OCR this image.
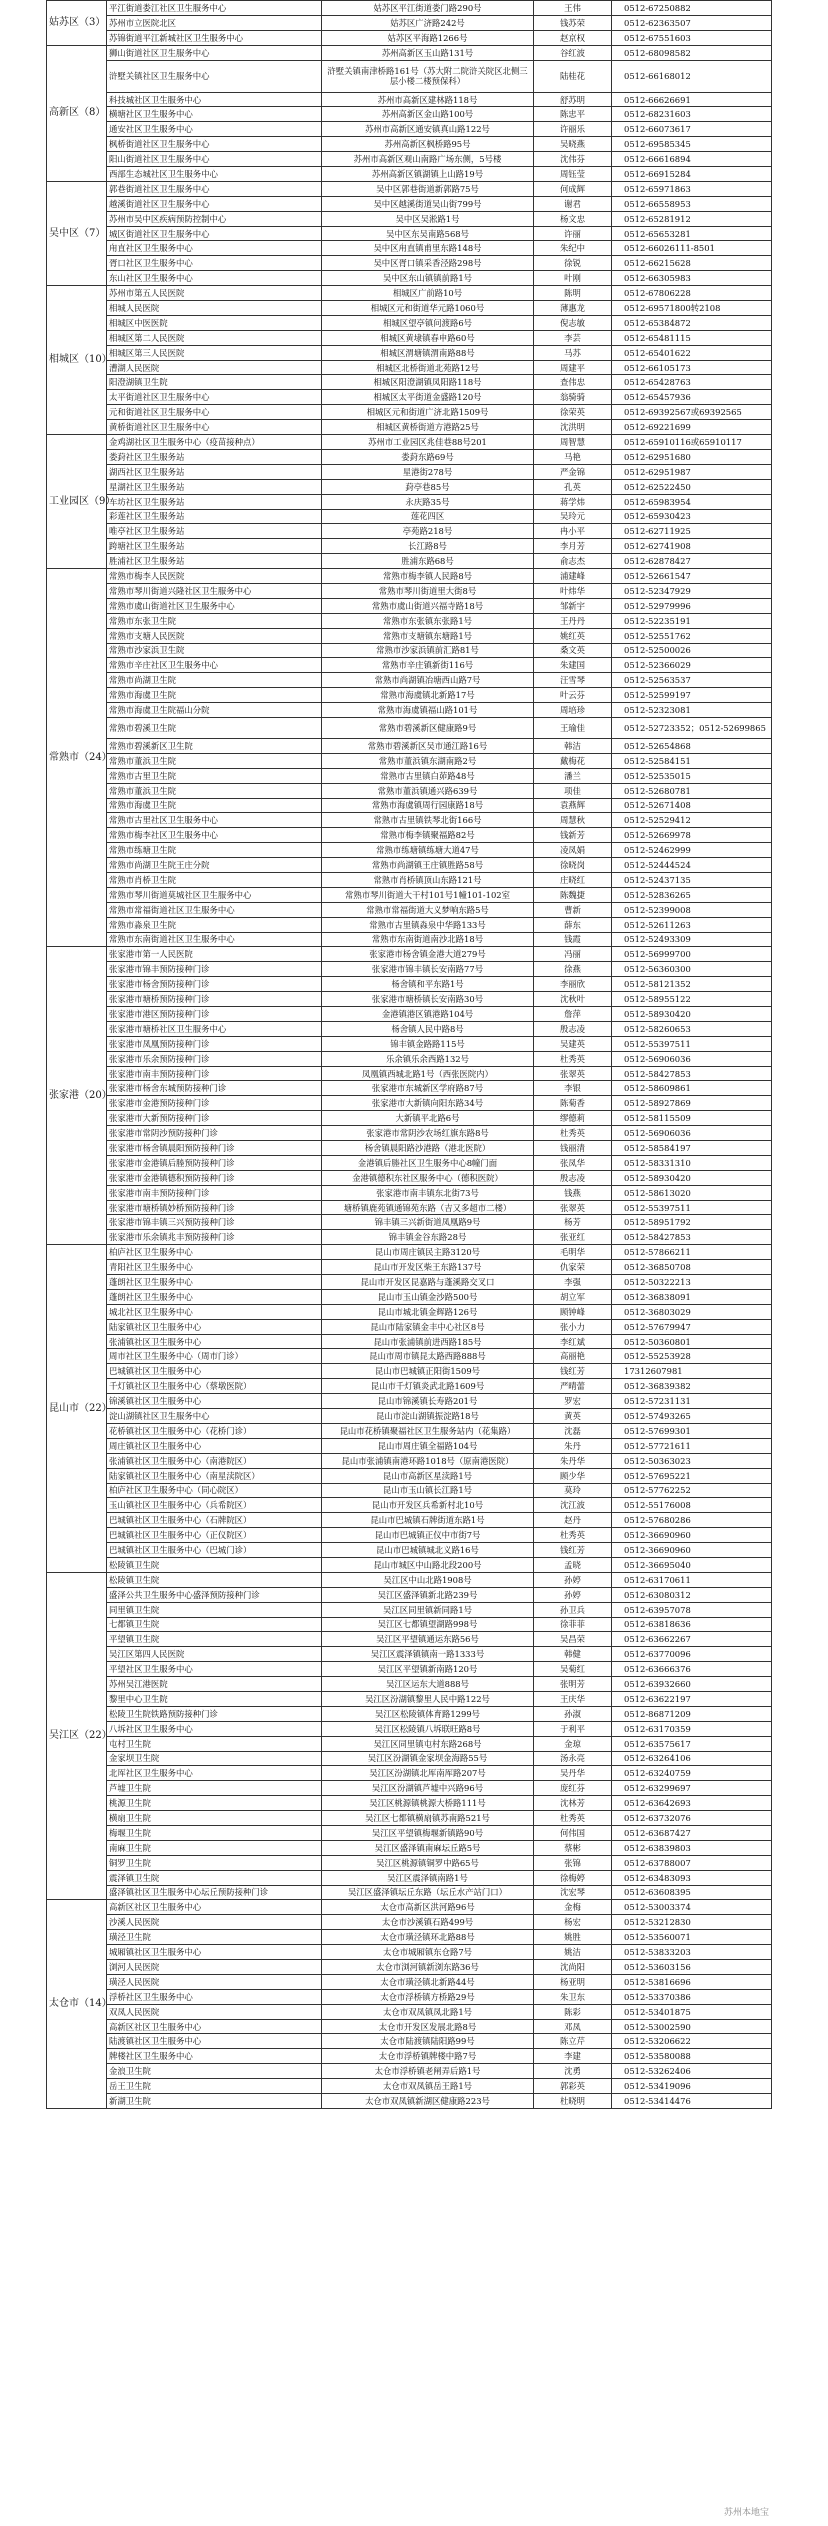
姑苏区（3）	平江街道娄江社区卫生服务中心	姑苏区平江街道娄门路290号	王伟	0512-67250882
	苏州市立医院北区	姑苏区广济路242号	钱苏荣	0512-62363507
	苏锦街道平江新城社区卫生服务中心	姑苏区平海路1266号	赵京权	0512-67551603
高新区（8）	狮山街道社区卫生服务中心	苏州高新区玉山路131号	谷红波	0512-68098582
	浒墅关镇社区卫生服务中心	浒墅关镇南津桥路161号（苏大附二院浒关院区北侧三层小楼二楼预保科）	陆桂花	0512-66168012
	科技城社区卫生服务中心	苏州市高新区建林路118号	舒苏明	0512-66626691
	横塘社区卫生服务中心	苏州高新区金山路100号	陈忠平	0512-68231603
	通安社区卫生服务中心	苏州市高新区通安镇真山路122号	许丽乐	0512-66073617
	枫桥街道社区卫生服务中心	苏州高新区枫桥路95号	吴晓燕	0512-69585345
	阳山街道社区卫生服务中心	苏州市高新区观山南路广场东侧，5号楼	沈伟芬	0512-66616894
	西部生态城社区卫生服务中心	苏州高新区镇湖镇上山路19号	周钰莹	0512-66915284
吴中区（7）	郭巷街道社区卫生服务中心	吴中区郭巷街道新郭路75号	何成辉	0512-65971863
	越溪街道社区卫生服务中心	吴中区越溪街道吴山街799号	谢君	0512-66558953
	苏州市吴中区疾病预防控制中心	吴中区吴淞路1号	杨文忠	0512-65281912
	城区街道社区卫生服务中心	吴中区东吴南路568号	许丽	0512-65653281
	甪直社区卫生服务中心	吴中区甪直镇甫里东路148号	朱纪中	0512-66026111-8501
	胥口社区卫生服务中心	吴中区胥口镇采香泾路298号	徐锐	0512-66215628
	东山社区卫生服务中心	吴中区东山镇镇前路1号	叶刚	0512-66305983
相城区（10）	苏州市第五人民医院	相城区广前路10号	陈明	0512-67806228
	相城人民医院	相城区元和街道华元路1060号	薄惠龙	0512-69571800转2108
	相城区中医医院	相城区望亭镇问渡路6号	倪志敏	0512-65384872
	相城区第二人民医院	相城区黄埭镇春申路60号	李芸	0512-65481115
	相城区第三人民医院	相城区渭塘镇渭南路88号	马苏	0512-65401622
	漕湖人民医院	相城区北桥街道北苑路12号	周建平	0512-66105173
	阳澄湖镇卫生院	相城区阳澄湖镇凤阳路118号	查伟忠	0512-65428763
	太平街道社区卫生服务中心	相城区太平街道金盛路120号	翁骑骑	0512-65457936
	元和街道社区卫生服务中心	相城区元和街道广济北路1509号	徐荣英	0512-69392567或69392565
	黄桥街道社区卫生服务中心	相城区黄桥街道方港路25号	沈洪明	0512-69221699
工业园区（9）	金鸡湖社区卫生服务中心（疫苗接种点）	苏州市工业园区兆佳巷88号201	周智慧	0512-65910116或65910117
	娄葑社区卫生服务站	娄葑东路69号	马艳	0512-62951680
	湖西社区卫生服务站	星港街278号	严金锦	0512-62951987
	星湖社区卫生服务站	葑亭巷85号	孔英	0512-62522450
	车坊社区卫生服务站	永庆路35号	蒋学炜	0512-65983954
	彩莲社区卫生服务站	莲花四区	吴玲元	0512-65930423
	唯亭社区卫生服务站	亭苑路218号	冉小平	0512-62711925
	跨塘社区卫生服务站	长江路8号	李月芳	0512-62741908
	胜浦社区卫生服务站	胜浦东路68号	俞志杰	0512-62878427
常熟市（24）	常熟市梅李人民医院	常熟市梅李镇人民路8号	浦建峰	0512-52661547
	常熟市琴川街道兴隆社区卫生服务中心	常熟市琴川街道里大街8号	叶炜华	0512-52347929
	常熟市虞山街道社区卫生服务中心	常熟市虞山街道兴福寺路18号	邹新宇	0512-52979996
	常熟市东张卫生院	常熟市东张镇东张路1号	王丹丹	0512-52235191
	常熟市支塘人民医院	常熟市支塘镇东塘路1号	姚红英	0512-52551762
	常熟市沙家浜卫生院	常熟市沙家浜镇前汇路81号	桑文英	0512-52500026
	常熟市辛庄社区卫生服务中心	常熟市辛庄镇新街116号	朱建国	0512-52366029
	常熟市尚湖卫生院	常熟市尚湖镇冶塘西山路7号	汪雪琴	0512-52563537
	常熟市海虞卫生院	常熟市海虞镇北新路17号	叶云芬	0512-52599197
	常熟市海虞卫生院福山分院	常熟市海虞镇福山路101号	周培珍	0512-52323081
	常熟市碧溪卫生院	常熟市碧溪新区健康路9号	王瑜佳	0512-52723352；0512-52699865
	常熟市碧溪新区卫生院	常熟市碧溪新区吴市通江路16号	韩洁	0512-52654868
	常熟市董浜卫生院	常熟市董浜镇东湖南路2号	戴梅花	0512-52584151
	常熟市古里卫生院	常熟市古里镇白茆路48号	潘兰	0512-52535015
	常熟市董浜卫生院	常熟市董浜镇通兴路639号	项佳	0512-52680781
	常熟市海虞卫生院	常熟市海虞镇周行园康路18号	袁燕辉	0512-52671408
	常熟市古里社区卫生服务中心	常熟市古里镇铁琴北街166号	周慧秋	0512-52529412
	常熟市梅李社区卫生服务中心	常熟市梅李镇聚福路82号	钱新芳	0512-52669978
	常熟市练塘卫生院	常熟市练塘镇练塘大道47号	凌凤娟	0512-52462999
	常熟市尚湖卫生院王庄分院	常熟市尚湖镇王庄镇胜路58号	徐晓岗	0512-52444524
	常熟市肖桥卫生院	常熟市肖桥镇顶山东路121号	庄晓红	0512-52437135
	常熟市琴川街道莫城社区卫生服务中心	常熟市琴川街道大干村101号1幢101-102室	陈魏捷	0512-52836265
	常熟市常福街道社区卫生服务中心	常熟市常福街道大义梦响东路5号	曹新	0512-52399008
	常熟市淼泉卫生院	常熟市古里镇淼泉中华路133号	薛东	0512-52611263
	常熟市东南街道社区卫生服务中心	常熟市东南街道南沙北路18号	钱霞	0512-52493309
张家港（20）	张家港市第一人民医院	张家港市杨舍镇金港大道279号	冯丽	0512-56999700
	张家港市锦丰预防接种门诊	张家港市锦丰镇长安南路77号	徐燕	0512-56360300
	张家港市杨舍预防接种门诊	杨舍镇和平东路1号	李丽欣	0512-58121352
	张家港市塘桥预防接种门诊	张家港市塘桥镇长安南路30号	沈秋叶	0512-58955122
	张家港市港区预防接种门诊	金港镇港区镇港路104号	詹萍	0512-58930420
	张家港市塘桥社区卫生服务中心	杨舍镇人民中路8号	殷志凌	0512-58260653
	张家港市凤凰预防接种门诊	锦丰镇金路路115号	吴建英	0512-55397511
	张家港市乐余预防接种门诊	乐余镇乐余西路132号	杜秀英	0512-56906036
	张家港市南丰预防接种门诊	凤凰镇西城北路1号（西张医院内）	张翠英	0512-58427853
	张家港市杨舍东城预防接种门诊	张家港市东城新区学府路87号	李银	0512-58609861
	张家港市金港预防接种门诊	张家港市大新镇向阳东路34号	陈菊香	0512-58927869
	张家港市大新预防接种门诊	大新镇平北路6号	缪德莉	0512-58115509
	张家港市常阴沙预防接种门诊	张家港市常阴沙农场红旗东路8号	杜秀英	0512-56906036
	张家港市杨舍镇晨阳预防接种门诊	杨舍镇晨阳路沙港路（港北医院）	钱丽清	0512-58584197
	张家港市金港镇后塍预防接种门诊	金港镇后塍社区卫生服务中心8幢门面	张凤华	0512-58331310
	张家港市金港镇德积预防接种门诊	金港镇德积东社区服务中心（德积医院）	殷志凌	0512-58930420
	张家港市南丰预防接种门诊	张家港市南丰镇东北街73号	钱燕	0512-58613020
	张家港市塘桥镇妙桥预防接种门诊	塘桥镇鹿苑镇通锦苑东路（吉又多超市二楼）	张翠英	0512-55397511
	张家港市锦丰镇三兴预防接种门诊	锦丰镇三兴新街道凤凰路9号	杨芳	0512-58951792
	张家港市乐余镇兆丰预防接种门诊	锦丰镇金谷东路28号	张亚红	0512-58427853
昆山市（22）	柏庐社区卫生服务中心	昆山市周庄镇民主路3120号	毛明华	0512-57866211
	青阳社区卫生服务中心	昆山市开发区柴王东路137号	仇家荣	0512-36850708
	蓬朗社区卫生服务中心	昆山市开发区昆嘉路与蓬溪路交叉口	李强	0512-50322213
	蓬朗社区卫生服务中心	昆山市玉山镇金沙路500号	胡立军	0512-36838091
	城北社区卫生服务中心	昆山市城北镇金辉路126号	顾钟峰	0512-36803029
	陆家镇社区卫生服务中心	昆山市陆家镇金丰中心社区8号	张小力	0512-57679947
	张浦镇社区卫生服务中心	昆山市张浦镇前进西路185号	李红斌	0512-50360801
	周市社区卫生服务中心（周市门诊）	昆山市周市镇昆太路西路888号	高丽艳	0512-55253928
	巴城镇社区卫生服务中心	昆山市巴城镇正阳街1509号	钱红芳	17312607981
	千灯镇社区卫生服务中心（蔡墩医院）	昆山市千灯镇炎武北路1609号	严晴蕾	0512-36839382
	锦溪镇社区卫生服务中心	昆山市锦溪镇长寿路201号	罗宏	0512-57231131
	淀山湖镇社区卫生服务中心	昆山市淀山湖镇振淀路18号	黄英	0512-57493265
	花桥镇社区卫生服务中心（花桥门诊）	昆山市花桥镇聚福社区卫生服务站内（花集路）	沈磊	0512-57699301
	周庄镇社区卫生服务中心	昆山市周庄镇全福路104号	朱丹	0512-57721611
	张浦镇社区卫生服务中心（南港院区）	昆山市张浦镇南港环路1018号（原南港医院）	朱丹华	0512-50363023
	陆家镇社区卫生服务中心（南星渎院区）	昆山市高新区星渎路1号	顾少华	0512-57695221
	柏庐社区卫生服务中心（同心院区）	昆山市玉山镇长江路1号	莫玲	0512-57762252
	玉山镇社区卫生服务中心（兵希院区）	昆山市开发区兵希新村北10号	沈江波	0512-55176008
	巴城镇社区卫生服务中心（石牌院区）	昆山市巴城镇石牌街道东路1号	赵丹	0512-57680286
	巴城镇社区卫生服务中心（正仪院区）	昆山市巴城镇正仪中市街7号	杜秀英	0512-36690960
	巴城镇社区卫生服务中心（巴城门诊）	昆山市巴城镇城北义路16号	钱红芳	0512-36690960
	松陵镇卫生院	昆山市城区中山路北段200号	孟晓	0512-36695040
吴江区（22）	松陵镇卫生院	吴江区中山北路1908号	孙婷	0512-63170611
	盛泽公共卫生服务中心盛泽预防接种门诊	吴江区盛泽镇新北路239号	孙婷	0512-63080312
	同里镇卫生院	吴江区同里镇新同路1号	孙卫兵	0512-63957078
	七都镇卫生院	吴江区七都镇望湖路998号	徐菲菲	0512-63818636
	平望镇卫生院	吴江区平望镇通运东路56号	吴昌荣	0512-63662267
	吴江区第四人民医院	吴江区震泽镇镇南一路1333号	韩健	0512-63770096
	平望社区卫生服务中心	吴江区平望镇新南路120号	吴菊红	0512-63666376
	苏州吴江港医院	吴江区运东大道888号	张明芳	0512-63932660
	黎里中心卫生院	吴江区汾湖镇黎里人民中路122号	王庆华	0512-63622197
	松陵卫生院铁路预防接种门诊	吴江区松陵镇体育路1299号	孙淑	0512-86871209
	八坼社区卫生服务中心	吴江区松陵镇八坼联旺路8号	于利平	0512-63170359
	屯村卫生院	吴江区同里镇屯村东路268号	金琼	0512-63575617
	金家坝卫生院	吴江区汾湖镇金家坝金海路55号	汤永亮	0512-63264106
	北厍社区卫生服务中心	吴江区汾湖镇北厍南厍路207号	吴丹华	0512-63240759
	芦墟卫生院	吴江区汾湖镇芦墟中兴路96号	庞红芬	0512-63299697
	桃源卫生院	吴江区桃源镇桃源大桥路111号	沈林芳	0512-63642693
	横扇卫生院	吴江区七都镇横扇镇苏南路521号	杜秀英	0512-63732076
	梅堰卫生院	吴江区平望镇梅堰新镇路90号	何伟国	0512-63687427
	南麻卫生院	吴江区盛泽镇南麻坛丘路5号	蔡彬	0512-63839803
	铜罗卫生院	吴江区桃源镇铜罗中路65号	张锦	0512-63788007
	震泽镇卫生院	吴江区震泽镇南路1号	徐梅婷	0512-63483093
	盛泽镇社区卫生服务中心坛丘预防接种门诊	吴江区盛泽镇坛丘东路（坛丘水产站门口）	沈宏琴	0512-63608395
太仓市（14）	高新区社区卫生服务中心	太仓市高新区洪河路96号	金梅	0512-53003374
	沙溪人民医院	太仓市沙溪镇石路499号	杨宏	0512-53212830
	璜泾卫生院	太仓市璜泾镇环北路88号	姚胜	0512-53560071
	城厢镇社区卫生服务中心	太仓市城厢镇东仓路7号	姚洁	0512-53833203
	浏河人民医院	太仓市浏河镇新浏东路36号	沈尚阳	0512-53603156
	璜泾人民医院	太仓市璜泾镇北新路44号	杨亚明	0512-53816696
	浮桥社区卫生服务中心	太仓市浮桥镇方桥路29号	朱卫东	0512-53370386
	双凤人民医院	太仓市双凤镇凤北路1号	陈彩	0512-53401875
	高新区社区卫生服务中心	太仓市开发区发展北路8号	邓凤	0512-53002590
	陆渡镇社区卫生服务中心	太仓市陆渡镇陆阳路99号	陈立芹	0512-53206622
	牌楼社区卫生服务中心	太仓市浮桥镇牌楼中路7号	李建	0512-53580088
	金浪卫生院	太仓市浮桥镇老闸弄后路1号	沈勇	0512-53262406
	岳王卫生院	太仓市双凤镇岳王路1号	郭彩英	0512-53419096
	新湖卫生院	太仓市双凤镇新湖区健康路223号	杜晓明	0512-53414476
苏州本地宝
